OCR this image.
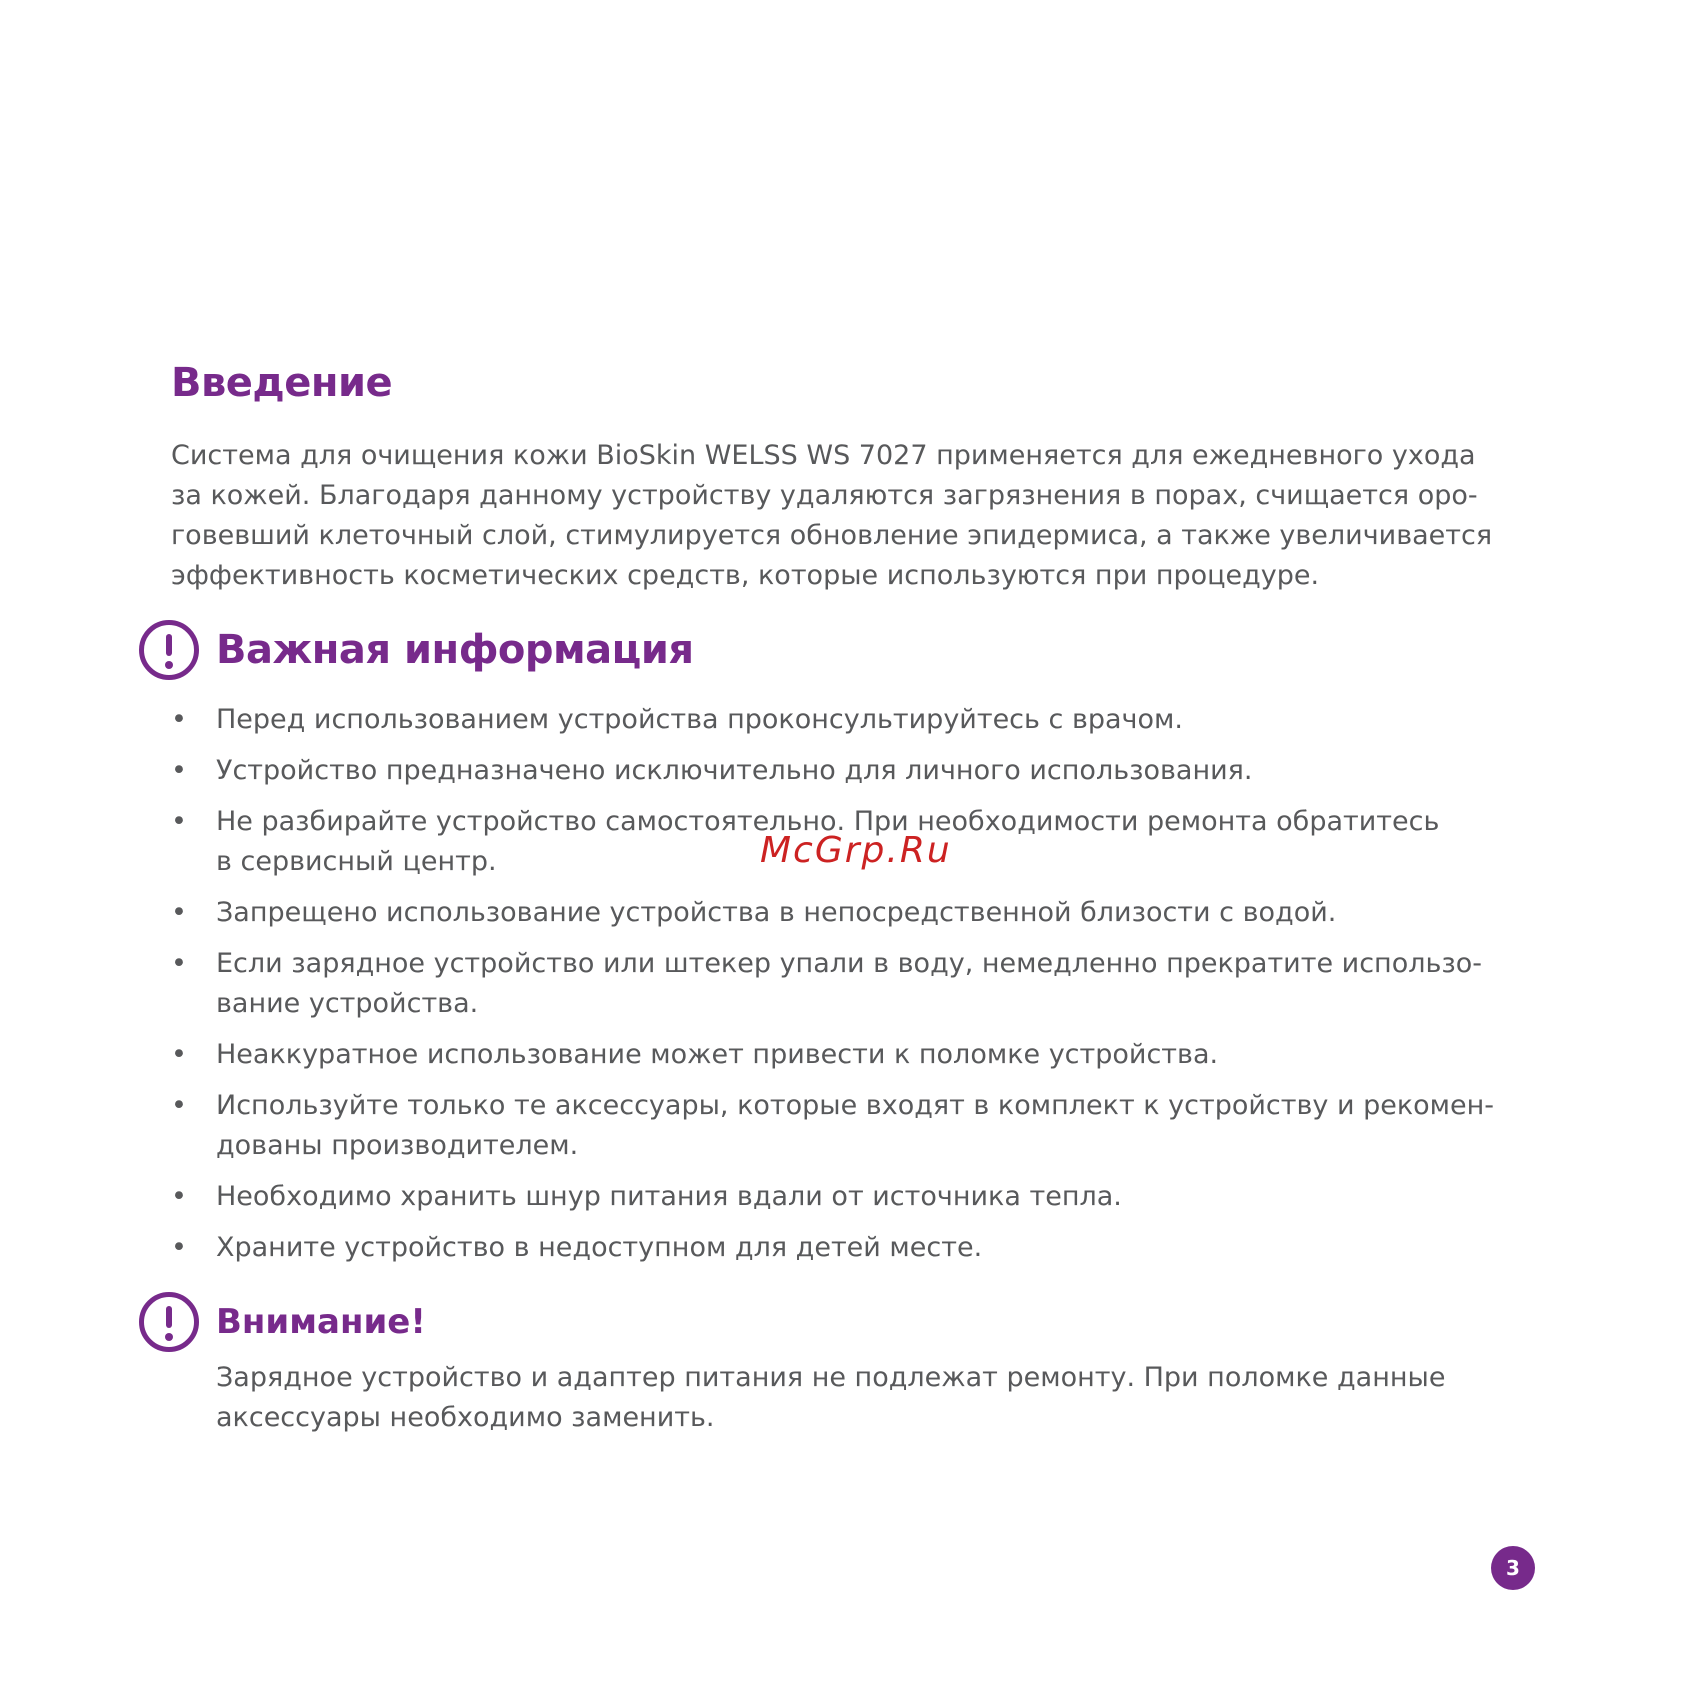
Введение

Система для очищения кожи BioSkin WELSS WS 7027 применяется для ежедневного ухода
за кожей. Благодаря данному устройству удаляются загрязнения в порах, счищается оро-
говевший клеточный слой, стимулируется обновление эпидермиса, а также увеличивается
эффективность косметических средств, которые используются при процедуре.

Важная информация
• Перед использованием устройства проконсультируйтесь с врачом.
• Устройство предназначено исключительно для личного использования.
• Не разбирайте устройство самостоятельно. При необходимости ремонта обратитесь
в сервисный центр.
• Запрещено использование устройства в непосредственной близости с водой.
• Если зарядное устройство или штекер упали в воду, немедленно прекратите использо-
вание устройства.
• Неаккуратное использование может привести к поломке устройства.
• Используйте только те аксессуары, которые входят в комплект к устройству и рекомен-
дованы производителем.
• Необходимо хранить шнур питания вдали от источника тепла.
• Храните устройство в недоступном для детей месте.
Внимание!

Зарядное устройство и адаптер питания не подлежат ремонту. При поломке данные
аксессуары необходимо заменить.

McGrp.Ru
3
